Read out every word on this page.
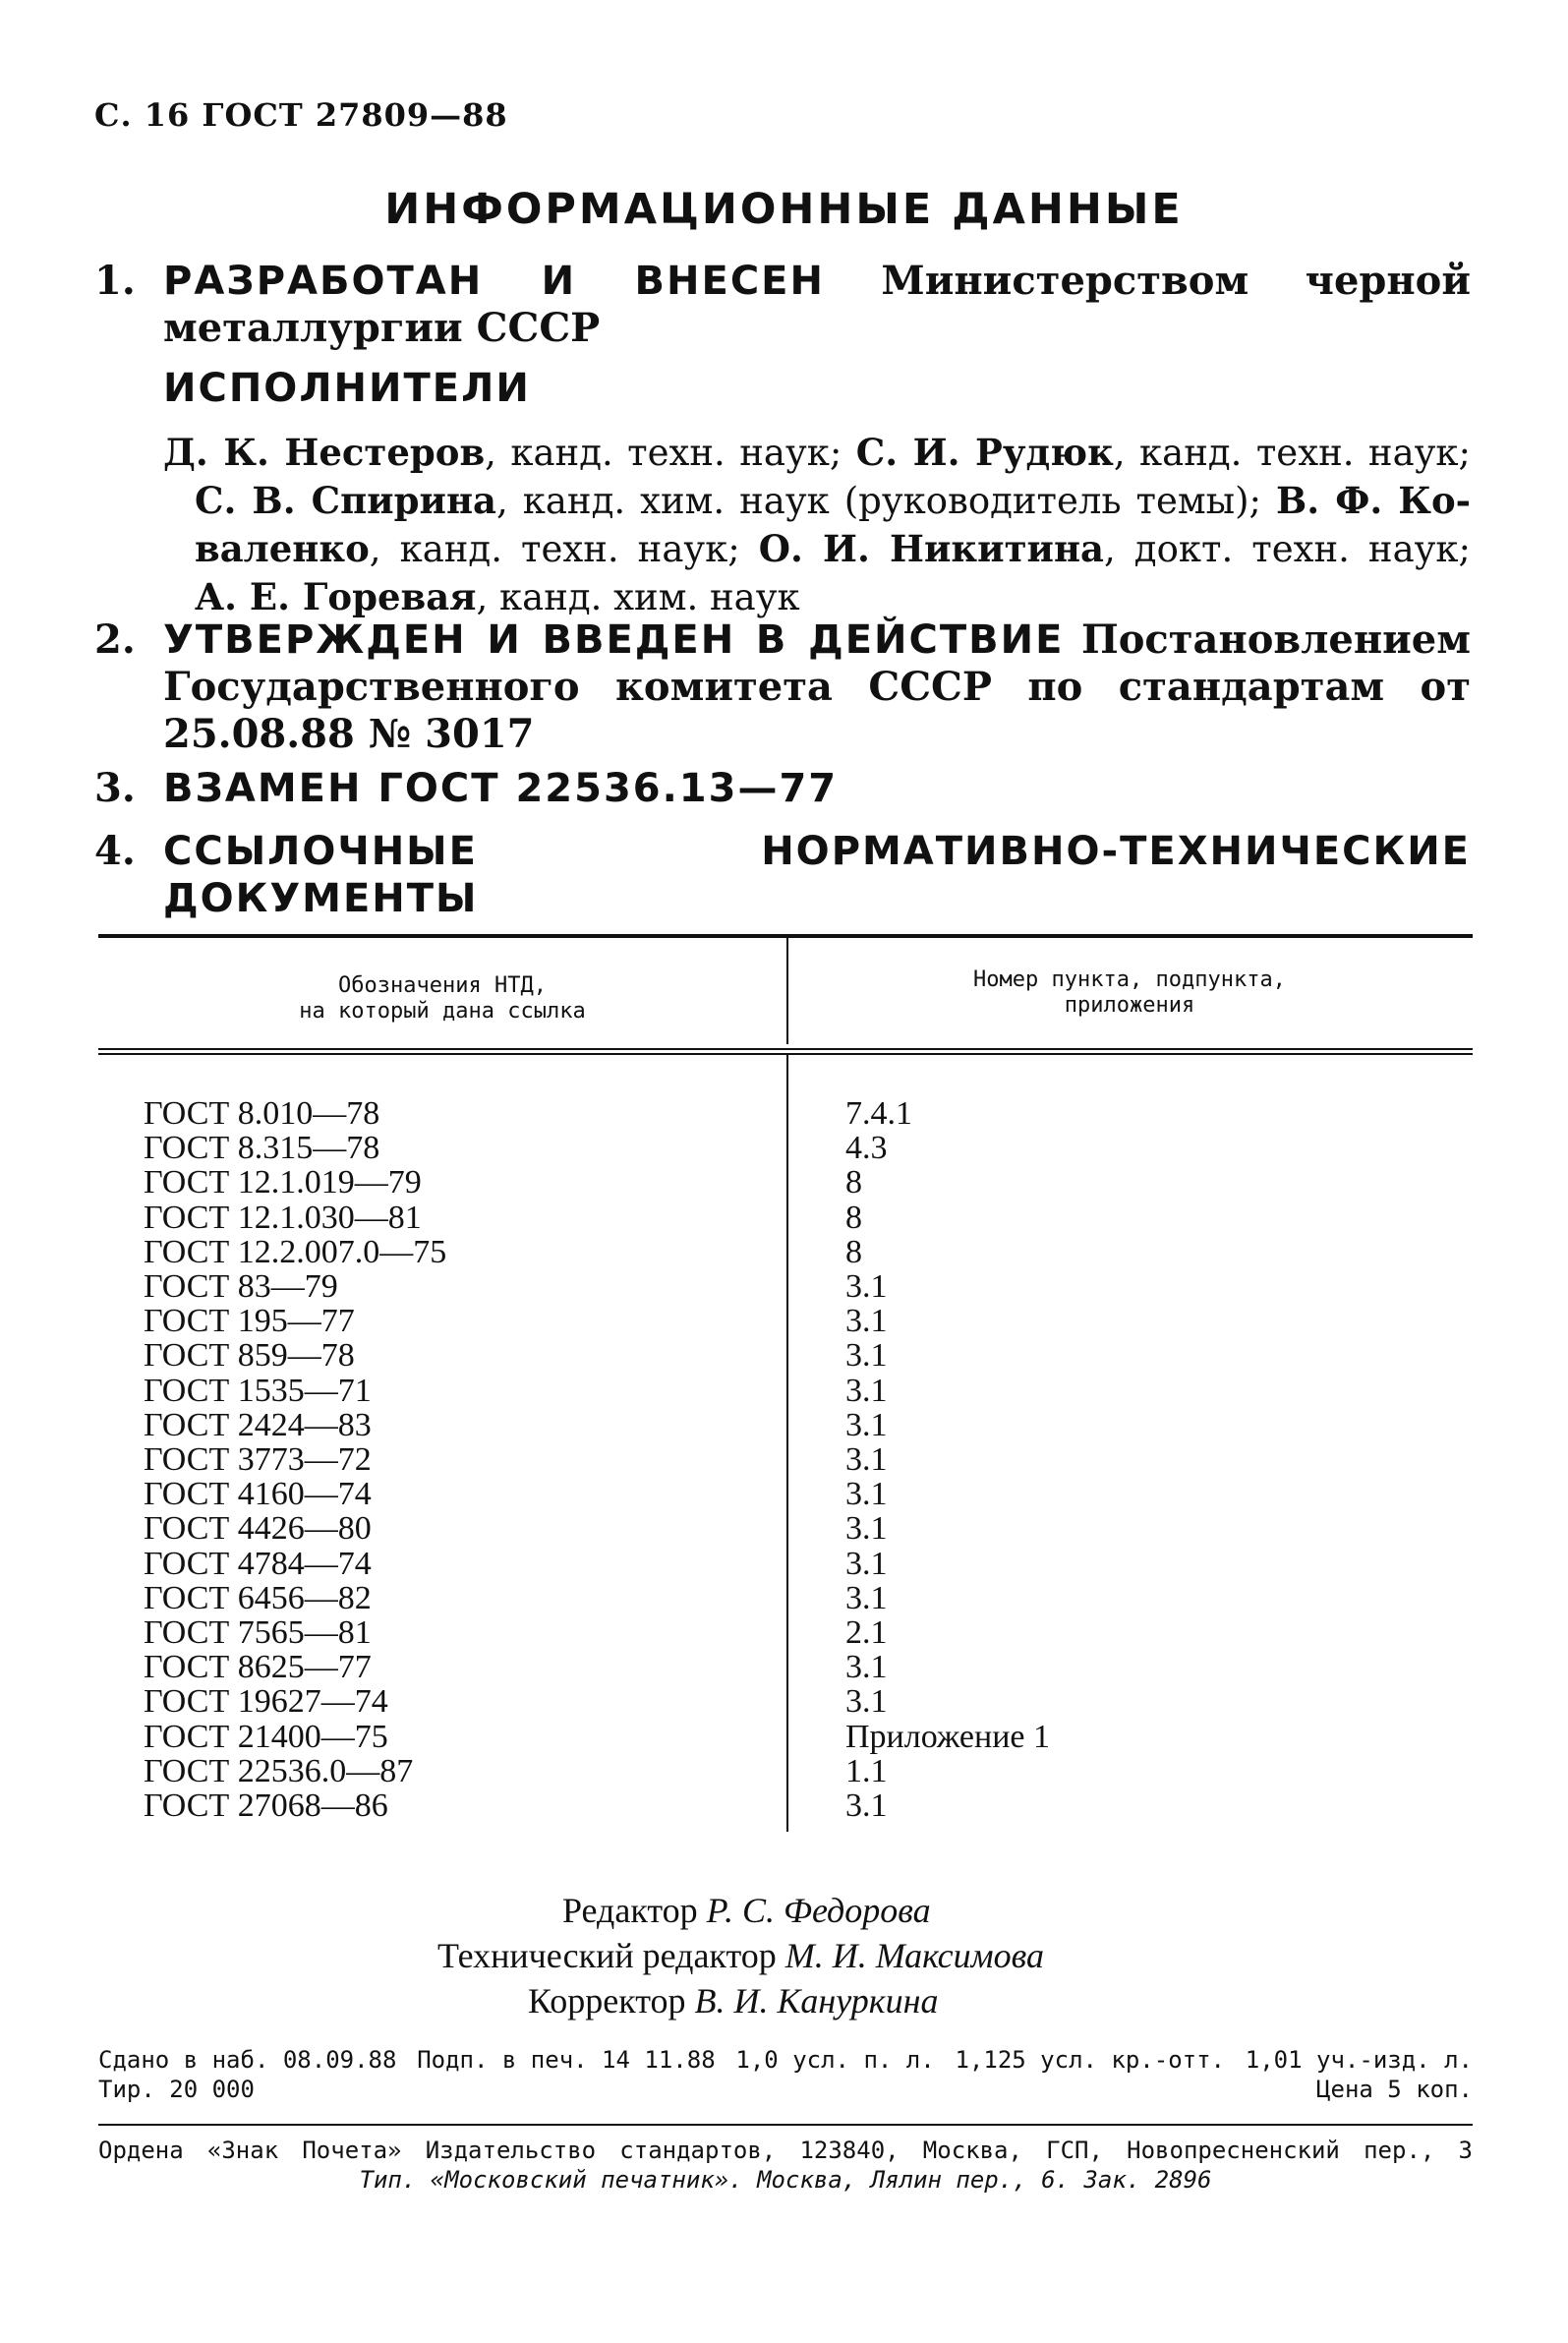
С. 16 ГОСТ 27809—88
ИНФОРМАЦИОННЫЕ ДАННЫЕ
1. РАЗРАБОТАН И ВНЕСЕН Министерством черной металлургии СССР
ИСПОЛНИТЕЛИ
Д. К. Нестеров, канд. техн. наук; С. И. Рудюк, канд. техн. наук;
С. В. Спирина, канд. хим. наук (руководитель темы); В. Ф. Ко-
валенко, канд. техн. наук; О. И. Никитина, докт. техн. наук;
А. Е. Горевая, канд. хим. наук
2. УТВЕРЖДЕН И ВВЕДЕН В ДЕЙСТВИЕ Постановлением Государственного комитета СССР по стандартам от 25.08.88 № 3017
3. ВЗАМЕН ГОСТ 22536.13—77
4. ССЫЛОЧНЫЕ НОРМАТИВНО-ТЕХНИЧЕСКИЕ ДОКУМЕНТЫ
Обозначения НТД,
на который дана ссылка
Номер пункта, подпункта,
приложения
ГОСТ 8.010—78
ГОСТ 8.315—78
ГОСТ 12.1.019—79
ГОСТ 12.1.030—81
ГОСТ 12.2.007.0—75
ГОСТ 83—79
ГОСТ 195—77
ГОСТ 859—78
ГОСТ 1535—71
ГОСТ 2424—83
ГОСТ 3773—72
ГОСТ 4160—74
ГОСТ 4426—80
ГОСТ 4784—74
ГОСТ 6456—82
ГОСТ 7565—81
ГОСТ 8625—77
ГОСТ 19627—74
ГОСТ 21400—75
ГОСТ 22536.0—87
ГОСТ 27068—86
7.4.1
4.3
8
8
8
3.1
3.1
3.1
3.1
3.1
3.1
3.1
3.1
3.1
3.1
2.1
3.1
3.1
Приложение 1
1.1
3.1
Редактор Р. С. Федорова
Технический редактор М. И. Максимова
Корректор В. И. Кануркина
Сдано в наб. 08.09.88 Подп. в печ. 14 11.88 1,0 усл. п. л. 1,125 усл. кр.-отт. 1,01 уч.-изд. л.
Тир. 20 000	Цена 5 коп.
Ордена «Знак Почета» Издательство стандартов, 123840, Москва, ГСП, Новопресненский пер., 3
Тип. «Московский печатник». Москва, Лялин пер., 6. Зак. 2896
